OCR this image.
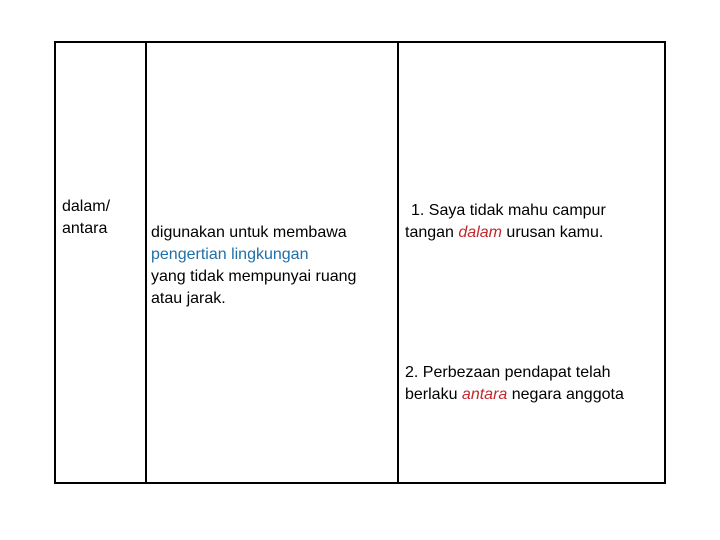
dalam/
antara	digunakan untuk membawa
pengertian lingkungan
yang tidak mempunyai ruang
atau jarak.
1. Saya tidak mahu campur
tangan dalam urusan kamu.
2. Perbezaan pendapat telah
berlaku antara negara anggota
